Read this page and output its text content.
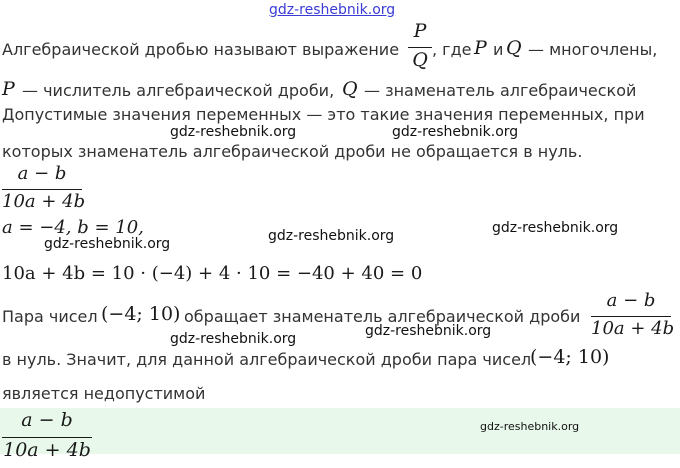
gdz-reshebnik.org
Алгебраической дробью называют выражение
P
Q , где P и Q — многочлены,
P — числитель алгебраической дроби, Q — знаменатель алгебраической
Допустимые значения переменных — это такие значения переменных, при
gdz-reshebnik.org	gdz-reshebnik.org
которых знаменатель алгебраической дроби не обращается в нуль.
a − b
10a + 4b
a = −4, b = 10,
gdz-reshebnik.org	gdz-reshebnik.org	gdz-reshebnik.org
10a + 4b = 10 · (−4) + 4 · 10 = −40 + 40 = 0
Пара чисел (−4; 10) обращает знаменатель алгебраической дроби
a − b
10a + 4b
gdz-reshebnik.org	gdz-reshebnik.org
в нуль. Значит, для данной алгебраической дроби пара чисел
(−4; 10)
является недопустимой
a − b
10a + 4b
gdz-reshebnik.org
